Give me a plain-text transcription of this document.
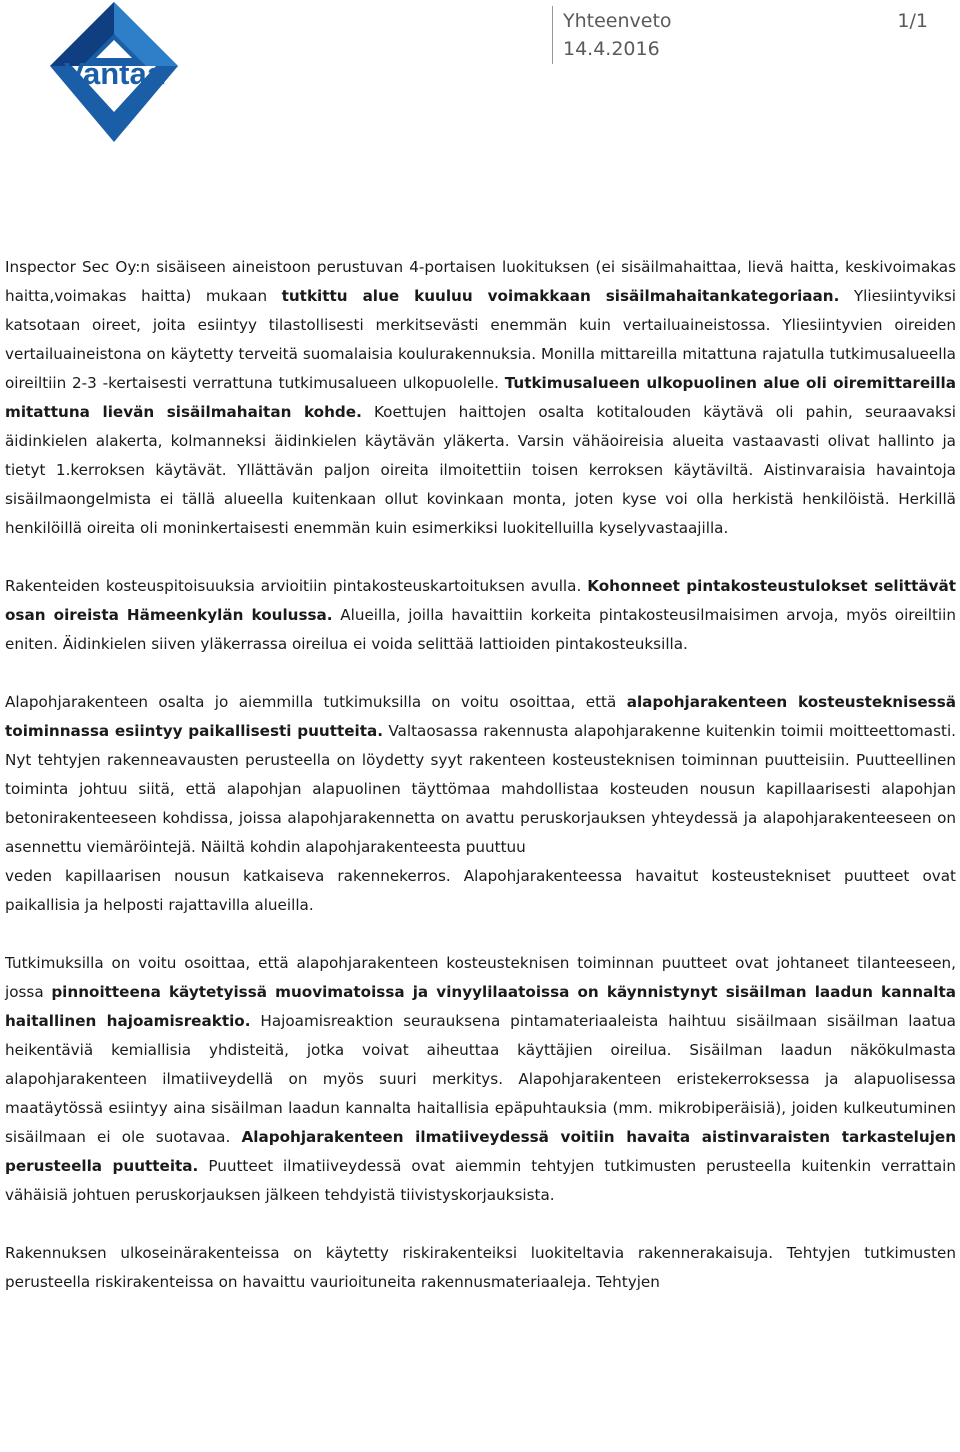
Vantaa
Yhteenveto	1/1
14.4.2016

Inspector Sec Oy:n sisäiseen aineistoon perustuvan 4-portaisen luokituksen (ei sisäilmahaittaa, lievä haitta, keskivoimakas haitta,voimakas haitta) mukaan tutkittu alue kuuluu voimakkaan sisäilmahaitankategoriaan. Yliesiintyviksi katsotaan oireet, joita esiintyy tilastollisesti merkitsevästi enemmän kuin vertailuaineistossa. Yliesiintyvien oireiden vertailuaineistona on käytetty terveitä suomalaisia koulurakennuksia. Monilla mittareilla mitattuna rajatulla tutkimusalueella oireiltiin 2-3 -kertaisesti verrattuna tutkimusalueen ulkopuolelle. Tutkimusalueen ulkopuolinen alue oli oiremittareilla mitattuna lievän sisäilmahaitan kohde. Koettujen haittojen osalta kotitalouden käytävä oli pahin, seuraavaksi äidinkielen alakerta, kolmanneksi äidinkielen käytävän yläkerta. Varsin vähäoireisia alueita vastaavasti olivat hallinto ja tietyt 1.kerroksen käytävät. Yllättävän paljon oireita ilmoitettiin toisen kerroksen käytäviltä. Aistinvaraisia havaintoja sisäilmaongelmista ei tällä alueella kuitenkaan ollut kovinkaan monta, joten kyse voi olla herkistä henkilöistä. Herkillä henkilöillä oireita oli moninkertaisesti enemmän kuin esimerkiksi luokitelluilla kyselyvastaajilla.

Rakenteiden kosteuspitoisuuksia arvioitiin pintakosteuskartoituksen avulla. Kohonneet pintakosteustulokset selittävät osan oireista Hämeenkylän koulussa. Alueilla, joilla havaittiin korkeita pintakosteusilmaisimen arvoja, myös oireiltiin eniten. Äidinkielen siiven yläkerrassa oireilua ei voida selittää lattioiden pintakosteuksilla.

Alapohjarakenteen osalta jo aiemmilla tutkimuksilla on voitu osoittaa, että alapohjarakenteen kosteusteknisessä toiminnassa esiintyy paikallisesti puutteita. Valtaosassa rakennusta alapohjarakenne kuitenkin toimii moitteettomasti. Nyt tehtyjen rakenneavausten perusteella on löydetty syyt rakenteen kosteusteknisen toiminnan puutteisiin. Puutteellinen toiminta johtuu siitä, että alapohjan alapuolinen täyttömaa mahdollistaa kosteuden nousun kapillaarisesti alapohjan betonirakenteeseen kohdissa, joissa alapohjarakennetta on avattu peruskorjauksen yhteydessä ja alapohjarakenteeseen on asennettu viemäröintejä. Näiltä kohdin alapohjarakenteesta puuttuu

veden kapillaarisen nousun katkaiseva rakennekerros. Alapohjarakenteessa havaitut kosteustekniset puutteet ovat paikallisia ja helposti rajattavilla alueilla.

Tutkimuksilla on voitu osoittaa, että alapohjarakenteen kosteusteknisen toiminnan puutteet ovat johtaneet tilanteeseen, jossa pinnoitteena käytetyissä muovimatoissa ja vinyylilaatoissa on käynnistynyt sisäilman laadun kannalta haitallinen hajoamisreaktio. Hajoamisreaktion seurauksena pintamateriaaleista haihtuu sisäilmaan sisäilman laatua heikentäviä kemiallisia yhdisteitä, jotka voivat aiheuttaa käyttäjien oireilua. Sisäilman laadun näkökulmasta alapohjarakenteen ilmatiiveydellä on myös suuri merkitys. Alapohjarakenteen eristekerroksessa ja alapuolisessa maatäytössä esiintyy aina sisäilman laadun kannalta haitallisia epäpuhtauksia (mm. mikrobiperäisiä), joiden kulkeutuminen sisäilmaan ei ole suotavaa. Alapohjarakenteen ilmatiiveydessä voitiin havaita aistinvaraisten tarkastelujen perusteella puutteita. Puutteet ilmatiiveydessä ovat aiemmin tehtyjen tutkimusten perusteella kuitenkin verrattain vähäisiä johtuen peruskorjauksen jälkeen tehdyistä tiivistyskorjauksista.

Rakennuksen ulkoseinärakenteissa on käytetty riskirakenteiksi luokiteltavia rakennerakaisuja. Tehtyjen tutkimusten perusteella riskirakenteissa on havaittu vaurioituneita rakennusmateriaaleja. Tehtyjen
